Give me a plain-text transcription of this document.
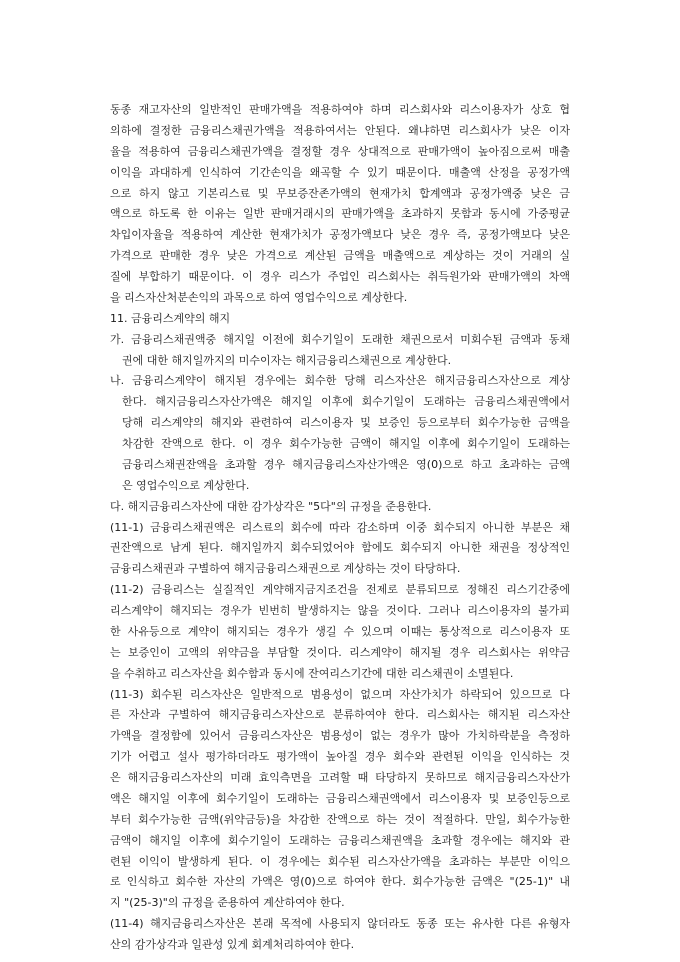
동종 재고자산의 일반적인 판매가액을 적용하여야 하며 리스회사와 리스이용자가 상호 협
의하에 결정한 금융리스채권가액을 적용하여서는 안된다. 왜냐하면 리스회사가 낮은 이자
율을 적용하여 금융리스채권가액을 결정할 경우 상대적으로 판매가액이 높아짐으로써 매출
이익을 과대하게 인식하여 기간손익을 왜곡할 수 있기 때문이다. 매출액 산정을 공정가액
으로 하지 않고 기본리스료 및 무보증잔존가액의 현재가치 합계액과 공정가액중 낮은 금
액으로 하도록 한 이유는 일반 판매거래시의 판매가액을 초과하지 못함과 동시에 가중평균
차입이자율을 적용하여 계산한 현재가치가 공정가액보다 낮은 경우 즉, 공정가액보다 낮은
가격으로 판매한 경우 낮은 가격으로 계산된 금액을 매출액으로 계상하는 것이 거래의 실
질에 부합하기 때문이다. 이 경우 리스가 주업인 리스회사는 취득원가와 판매가액의 차액
을 리스자산처분손익의 과목으로 하여 영업수익으로 계상한다.
11. 금융리스계약의 해지
가. 금융리스채권액중 해지일 이전에 회수기일이 도래한 채권으로서 미회수된 금액과 동채
권에 대한 해지일까지의 미수이자는 해지금융리스채권으로 계상한다.
나. 금융리스계약이 해지된 경우에는 회수한 당해 리스자산은 해지금융리스자산으로 계상
한다. 해지금융리스자산가액은 해지일 이후에 회수기일이 도래하는 금융리스채권액에서
당해 리스계약의 해지와 관련하여 리스이용자 및 보증인 등으로부터 회수가능한 금액을
차감한 잔액으로 한다. 이 경우 회수가능한 금액이 해지일 이후에 회수기일이 도래하는
금융리스채권잔액을 초과할 경우 해지금융리스자산가액은 영(0)으로 하고 초과하는 금액
은 영업수익으로 계상한다.
다. 해지금융리스자산에 대한 감가상각은 "5다"의 규정을 준용한다.
(11-1) 금융리스채권액은 리스료의 회수에 따라 감소하며 이중 회수되지 아니한 부분은 채
권잔액으로 남게 된다. 해지일까지 회수되었어야 함에도 회수되지 아니한 채권을 정상적인
금융리스채권과 구별하여 해지금융리스채권으로 계상하는 것이 타당하다.
(11-2) 금융리스는 실질적인 계약해지금지조건을 전제로 분류되므로 정해진 리스기간중에
리스계약이 해지되는 경우가 빈번히 발생하지는 않을 것이다. 그러나 리스이용자의 불가피
한 사유등으로 계약이 해지되는 경우가 생길 수 있으며 이때는 통상적으로 리스이용자 또
는 보증인이 고액의 위약금을 부담할 것이다. 리스계약이 해지될 경우 리스회사는 위약금
을 수취하고 리스자산을 회수함과 동시에 잔여리스기간에 대한 리스채권이 소멸된다.
(11-3) 회수된 리스자산은 일반적으로 범용성이 없으며 자산가치가 하락되어 있으므로 다
른 자산과 구별하여 해지금융리스자산으로 분류하여야 한다. 리스회사는 해지된 리스자산
가액을 결정함에 있어서 금융리스자산은 범용성이 없는 경우가 많아 가치하락분을 측정하
기가 어렵고 설사 평가하더라도 평가액이 높아질 경우 회수와 관련된 이익을 인식하는 것
은 해지금융리스자산의 미래 효익측면을 고려할 때 타당하지 못하므로 해지금융리스자산가
액은 해지일 이후에 회수기일이 도래하는 금융리스채권액에서 리스이용자 및 보증인등으로
부터 회수가능한 금액(위약금등)을 차감한 잔액으로 하는 것이 적절하다. 만일, 회수가능한
금액이 해지일 이후에 회수기일이 도래하는 금융리스채권액을 초과할 경우에는 해지와 관
련된 이익이 발생하게 된다. 이 경우에는 회수된 리스자산가액을 초과하는 부분만 이익으
로 인식하고 회수한 자산의 가액은 영(0)으로 하여야 한다. 회수가능한 금액은 "(25-1)" 내
지 "(25-3)"의 규정을 준용하여 계산하여야 한다.
(11-4) 해지금융리스자산은 본래 목적에 사용되지 않더라도 동종 또는 유사한 다른 유형자
산의 감가상각과 일관성 있게 회계처리하여야 한다.
